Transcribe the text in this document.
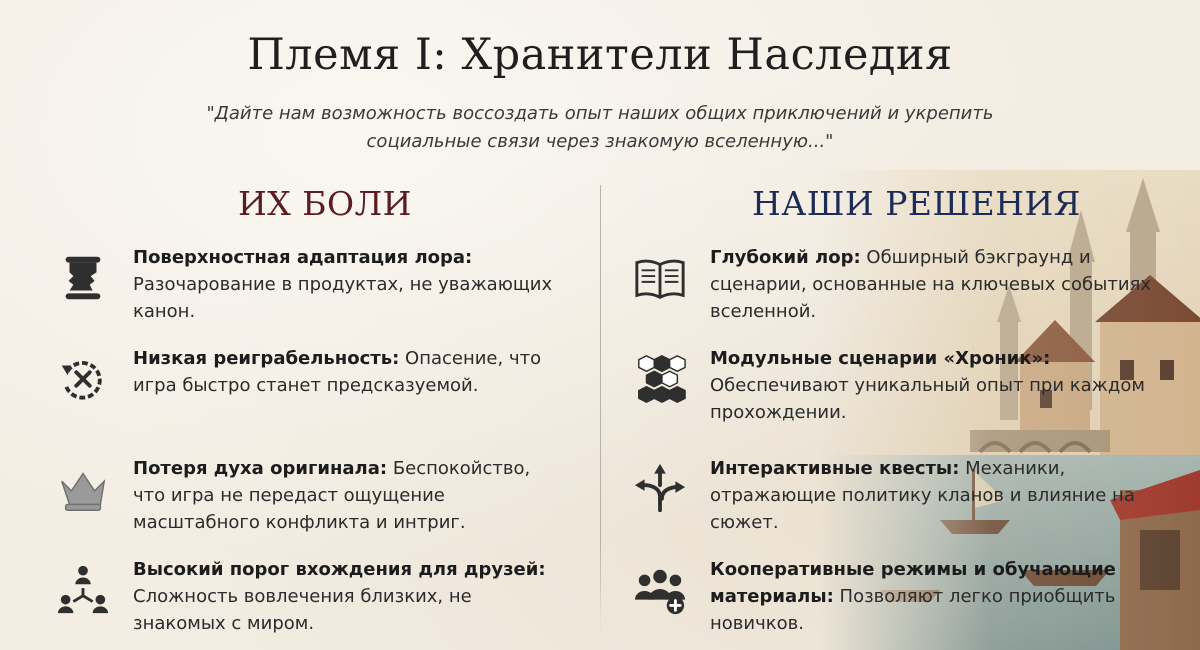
Племя I: Хранители Наследия
"Дайте нам возможность воссоздать опыт наших общих приключений и укрепить социальные связи через знакомую вселенную..."
ИХ БОЛИ	НАШИ РЕШЕНИЯ
Поверхностная адаптация лора:
Разочарование в продуктах, не уважающих канон.
Низкая реиграбельность: Опасение, что игра быстро станет предсказуемой.
Потеря духа оригинала: Беспокойство, что игра не передаст ощущение масштабного конфликта и интриг.
Высокий порог вхождения для друзей:
Сложность вовлечения близких, не знакомых с миром.
Глубокий лор: Обширный бэкграунд и сценарии, основанные на ключевых событиях вселенной.
Модульные сценарии «Хроник»:
Обеспечивают уникальный опыт при каждом прохождении.
Интерактивные квесты: Механики, отражающие политику кланов и влияние на сюжет.
Кооперативные режимы и обучающие материалы: Позволяют легко приобщить новичков.
